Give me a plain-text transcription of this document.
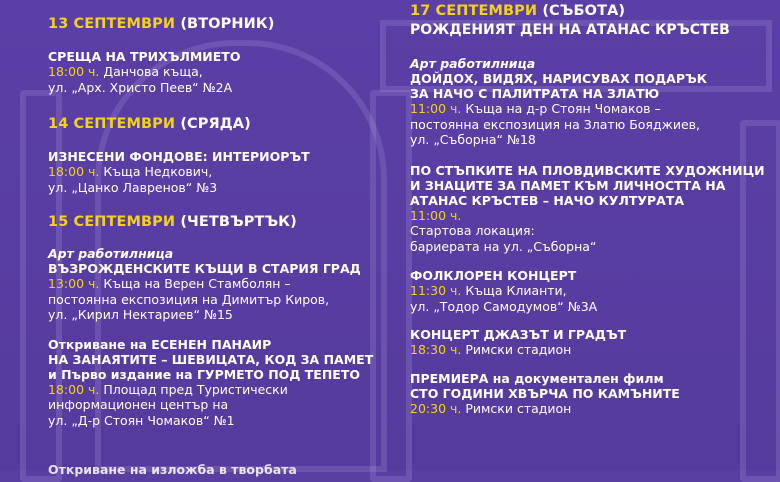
13 СЕПТЕМВРИ (ВТОРНИК)
СРЕЩА НА ТРИХЪЛМИЕТО
18:00 ч. Данчова къща,
ул. „Арх. Христо Пеев“ №2А
14 СЕПТЕМВРИ (СРЯДА)
ИЗНЕСЕНИ ФОНДОВЕ: ИНТЕРИОРЪТ
18:00 ч. Къща Недкович,
ул. „Цанко Лавренов“ №3
15 СЕПТЕМВРИ (ЧЕТВЪРТЪК)
Арт работилница
ВЪЗРОЖДЕНСКИТЕ КЪЩИ В СТАРИЯ ГРАД
13:00 ч. Къща на Верен Стамболян –
постоянна експозиция на Димитър Киров,
ул. „Кирил Нектариев“ №15
Откриване на ЕСЕНЕН ПАНАИР
НА ЗАНАЯТИТЕ – ШЕВИЦАТА, КОД ЗА ПАМЕТ
и Първо издание на ГУРМЕТО ПОД ТЕПЕТО
18:00 ч. Площад пред Туристически
информационен център на
ул. „Д-р Стоян Чомаков“ №1
Откриване на изложба в творбата
17 СЕПТЕМВРИ (СЪБОТА)
РОЖДЕНИЯТ ДЕН НА АТАНАС КРЪСТЕВ
Арт работилница
ДОЙДОХ, ВИДЯХ, НАРИСУВАХ ПОДАРЪК
ЗА НАЧО С ПАЛИТРАТА НА ЗЛАТЮ
11:00 ч. Къща на д-р Стоян Чомаков –
постоянна експозиция на Златю Бояджиев,
ул. „Съборна“ №18
ПО СТЪПКИТЕ НА ПЛОВДИВСКИТЕ ХУДОЖНИЦИ
И ЗНАЦИТЕ ЗА ПАМЕТ КЪМ ЛИЧНОСТТА НА
АТАНАС КРЪСТЕВ – НАЧО КУЛТУРАТА
11:00 ч.
Стартова локация:
бариерата на ул. „Съборна“
ФОЛКЛОРЕН КОНЦЕРТ
11:30 ч. Къща Клианти,
ул. „Тодор Самодумов“ №3А
КОНЦЕРТ ДЖАЗЪТ И ГРАДЪТ
18:30 ч. Римски стадион
ПРЕМИЕРА на документален филм
СТО ГОДИНИ ХВЪРЧА ПО КАМЪНИТЕ
20:30 ч. Римски стадион
